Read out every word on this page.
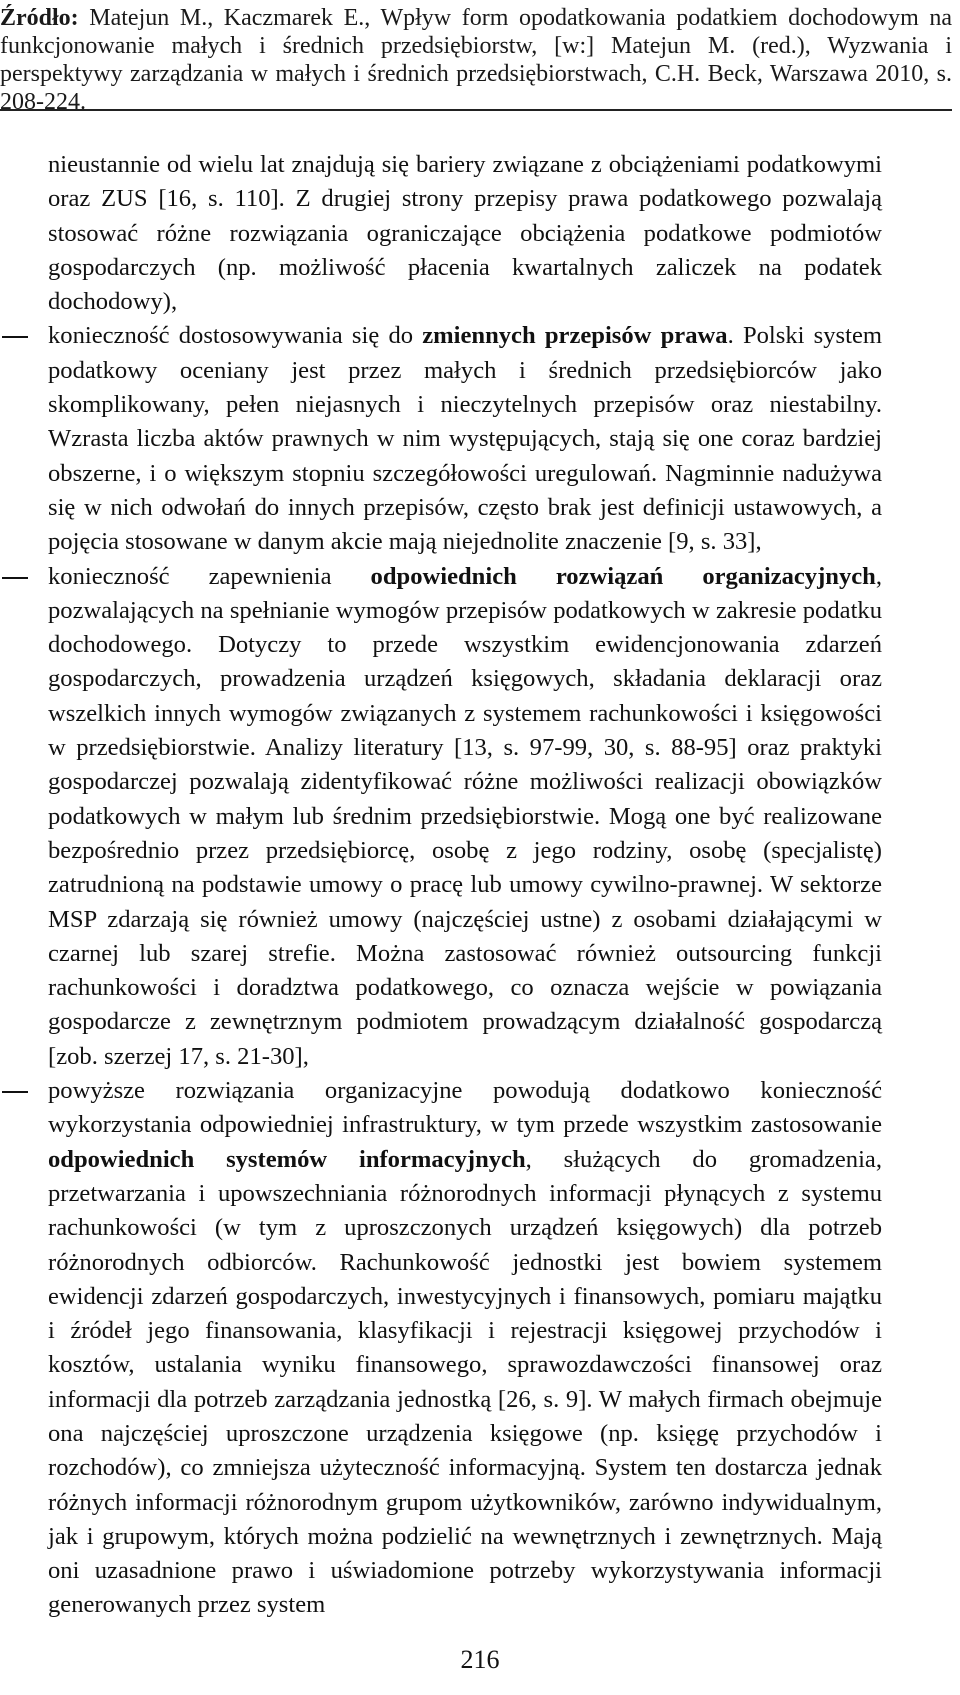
Źródło: Matejun M., Kaczmarek E., Wpływ form opodatkowania podatkiem dochodowym na funkcjonowanie małych i średnich przedsiębiorstw, [w:] Matejun M. (red.), Wyzwania i perspektywy zarządzania w małych i średnich przedsiębiorstwach, C.H. Beck, Warszawa 2010, s. 208-224.

nieustannie od wielu lat znajdują się bariery związane z obciążeniami podatkowymi oraz ZUS [16, s. 110]. Z drugiej strony przepisy prawa podatkowego pozwalają stosować różne rozwiązania ograniczające obciążenia podatkowe podmiotów gospodarczych (np. możliwość płacenia kwartalnych zaliczek na podatek dochodowy),

konieczność dostosowywania się do zmiennych przepisów prawa. Polski system podatkowy oceniany jest przez małych i średnich przedsiębiorców jako skomplikowany, pełen niejasnych i nieczytelnych przepisów oraz niestabilny. Wzrasta liczba aktów prawnych w nim występujących, stają się one coraz bardziej obszerne, i o większym stopniu szczegółowości uregulowań. Nagminnie nadużywa się w nich odwołań do innych przepisów, często brak jest definicji ustawowych, a pojęcia stosowane w danym akcie mają niejednolite znaczenie [9, s. 33],

konieczność zapewnienia odpowiednich rozwiązań organizacyjnych, pozwalających na spełnianie wymogów przepisów podatkowych w zakresie podatku dochodowego. Dotyczy to przede wszystkim ewidencjonowania zdarzeń gospodarczych, prowadzenia urządzeń księgowych, składania deklaracji oraz wszelkich innych wymogów związanych z systemem rachunkowości i księgowości w przedsiębiorstwie. Analizy literatury [13, s. 97-99, 30, s. 88-95] oraz praktyki gospodarczej pozwalają zidentyfikować różne możliwości realizacji obowiązków podatkowych w małym lub średnim przedsiębiorstwie. Mogą one być realizowane bezpośrednio przez przedsiębiorcę, osobę z jego rodziny, osobę (specjalistę) zatrudnioną na podstawie umowy o pracę lub umowy cywilno-prawnej. W sektorze MSP zdarzają się również umowy (najczęściej ustne) z osobami działającymi w czarnej lub szarej strefie. Można zastosować również outsourcing funkcji rachunkowości i doradztwa podatkowego, co oznacza wejście w powiązania gospodarcze z zewnętrznym podmiotem prowadzącym działalność gospodarczą [zob. szerzej 17, s. 21-30],

powyższe rozwiązania organizacyjne powodują dodatkowo konieczność wykorzystania odpowiedniej infrastruktury, w tym przede wszystkim zastosowanie odpowiednich systemów informacyjnych, służących do gromadzenia, przetwarzania i upowszechniania różnorodnych informacji płynących z systemu rachunkowości (w tym z uproszczonych urządzeń księgowych) dla potrzeb różnorodnych odbiorców. Rachunkowość jednostki jest bowiem systemem ewidencji zdarzeń gospodarczych, inwestycyjnych i finansowych, pomiaru majątku i źródeł jego finansowania, klasyfikacji i rejestracji księgowej przychodów i kosztów, ustalania wyniku finansowego, sprawozdawczości finansowej oraz informacji dla potrzeb zarządzania jednostką [26, s. 9]. W małych firmach obejmuje ona najczęściej uproszczone urządzenia księgowe (np. księgę przychodów i rozchodów), co zmniejsza użyteczność informacyjną. System ten dostarcza jednak różnych informacji różnorodnym grupom użytkowników, zarówno indywidualnym, jak i grupowym, których można podzielić na wewnętrznych i zewnętrznych. Mają oni uzasadnione prawo i uświadomione potrzeby wykorzystywania informacji generowanych przez system

216
